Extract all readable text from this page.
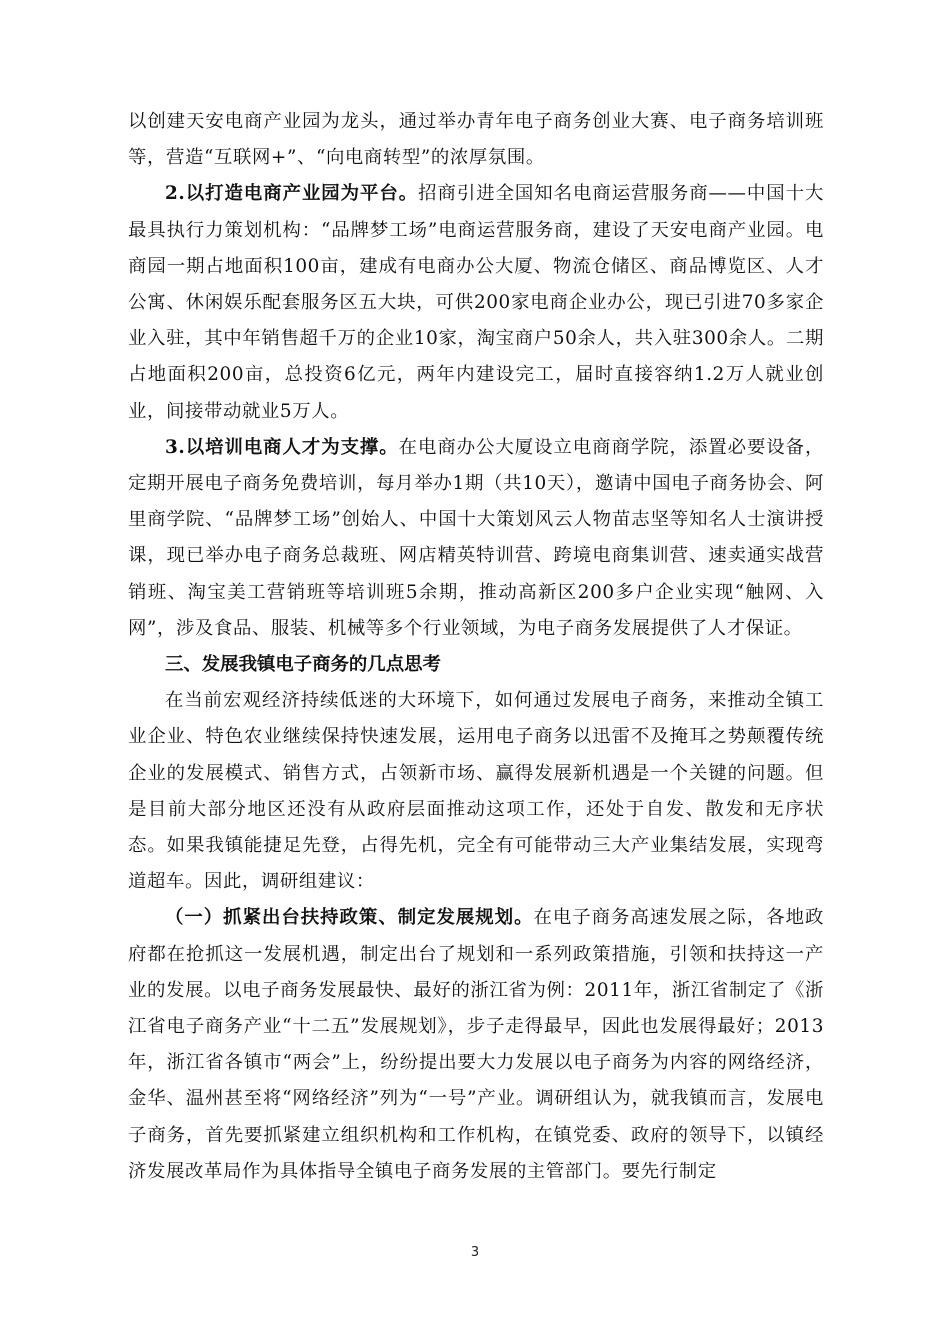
以创建天安电商产业园为龙头，通过举办青年电子商务创业大赛、电子商务培训班等，营造“互联网+”、“向电商转型”的浓厚氛围。

2.以打造电商产业园为平台。招商引进全国知名电商运营服务商——中国十大最具执行力策划机构：“品牌梦工场”电商运营服务商，建设了天安电商产业园。电商园一期占地面积100亩，建成有电商办公大厦、物流仓储区、商品博览区、人才公寓、休闲娱乐配套服务区五大块，可供200家电商企业办公，现已引进70多家企业入驻，其中年销售超千万的企业10家，淘宝商户50余人，共入驻300余人。二期占地面积200亩，总投资6亿元，两年内建设完工，届时直接容纳1.2万人就业创业，间接带动就业5万人。

3.以培训电商人才为支撑。在电商办公大厦设立电商商学院，添置必要设备，定期开展电子商务免费培训，每月举办1期（共10天），邀请中国电子商务协会、阿里商学院、“品牌梦工场”创始人、中国十大策划风云人物苗志坚等知名人士演讲授课，现已举办电子商务总裁班、网店精英特训营、跨境电商集训营、速卖通实战营销班、淘宝美工营销班等培训班5余期，推动高新区200多户企业实现“触网、入网”，涉及食品、服装、机械等多个行业领域，为电子商务发展提供了人才保证。

三、发展我镇电子商务的几点思考

在当前宏观经济持续低迷的大环境下，如何通过发展电子商务，来推动全镇工业企业、特色农业继续保持快速发展，运用电子商务以迅雷不及掩耳之势颠覆传统企业的发展模式、销售方式，占领新市场、赢得发展新机遇是一个关键的问题。但是目前大部分地区还没有从政府层面推动这项工作，还处于自发、散发和无序状态。如果我镇能捷足先登，占得先机，完全有可能带动三大产业集结发展，实现弯道超车。因此，调研组建议：

（一）抓紧出台扶持政策、制定发展规划。在电子商务高速发展之际，各地政府都在抢抓这一发展机遇，制定出台了规划和一系列政策措施，引领和扶持这一产业的发展。以电子商务发展最快、最好的浙江省为例：2011年，浙江省制定了《浙江省电子商务产业“十二五”发展规划》，步子走得最早，因此也发展得最好；2013年，浙江省各镇市“两会”上，纷纷提出要大力发展以电子商务为内容的网络经济，金华、温州甚至将“网络经济”列为“一号”产业。调研组认为，就我镇而言，发展电子商务，首先要抓紧建立组织机构和工作机构，在镇党委、政府的领导下，以镇经济发展改革局作为具体指导全镇电子商务发展的主管部门。要先行制定

3
